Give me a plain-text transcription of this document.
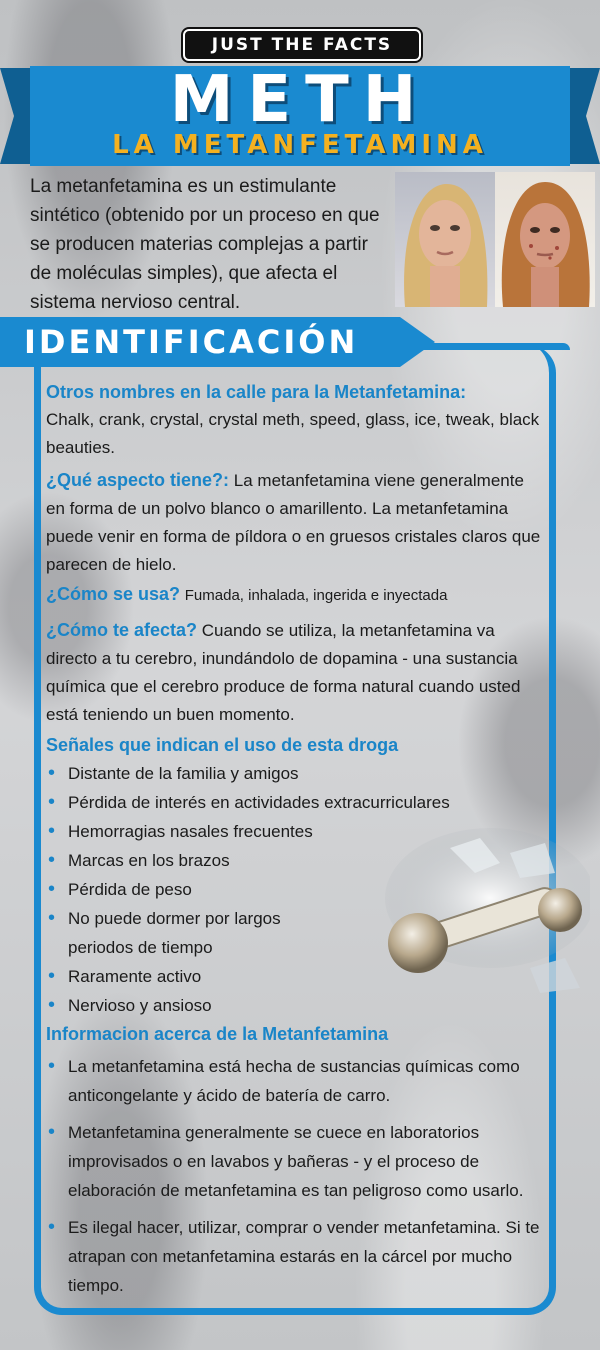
JUST THE FACTS
METH
LA METANFETAMINA
La metanfetamina es un estimulante sintético (obtenido por un proceso en que se producen materias complejas a partir de moléculas simples), que afecta el sistema nervioso central.
IDENTIFICACIÓN
Otros nombres en la calle para la Metanfetamina:
Chalk, crank, crystal, crystal meth, speed, glass, ice, tweak, black beauties.
¿Qué aspecto tiene?: La metanfetamina viene generalmente en forma de un polvo blanco o amarillento. La metanfetamina puede venir en forma de píldora o en gruesos cristales claros que parecen de hielo.
¿Cómo se usa? Fumada, inhalada, ingerida e inyectada
¿Cómo te afecta? Cuando se utiliza, la metanfetamina va directo a tu cerebro, inundándolo de dopamina - una sustancia química que el cerebro produce de forma natural cuando usted está teniendo un buen momento.
Señales que indican el uso de esta droga
• Distante de la familia y amigos
• Pérdida de interés en actividades extracurriculares
• Hemorragias nasales frecuentes
• Marcas en los brazos
• Pérdida de peso
• No puede dormer por largos periodos de tiempo
• Raramente activo
• Nervioso y ansioso
Informacion acerca de la Metanfetamina
• La metanfetamina está hecha de sustancias químicas como anticongelante y ácido de batería de carro.
• Metanfetamina generalmente se cuece en laboratorios improvisados o en lavabos y bañeras - y el proceso de elaboración de metanfetamina es tan peligroso como usarlo.
• Es ilegal hacer, utilizar, comprar o vender metanfetamina. Si te atrapan con metanfetamina estarás en la cárcel por mucho tiempo.
